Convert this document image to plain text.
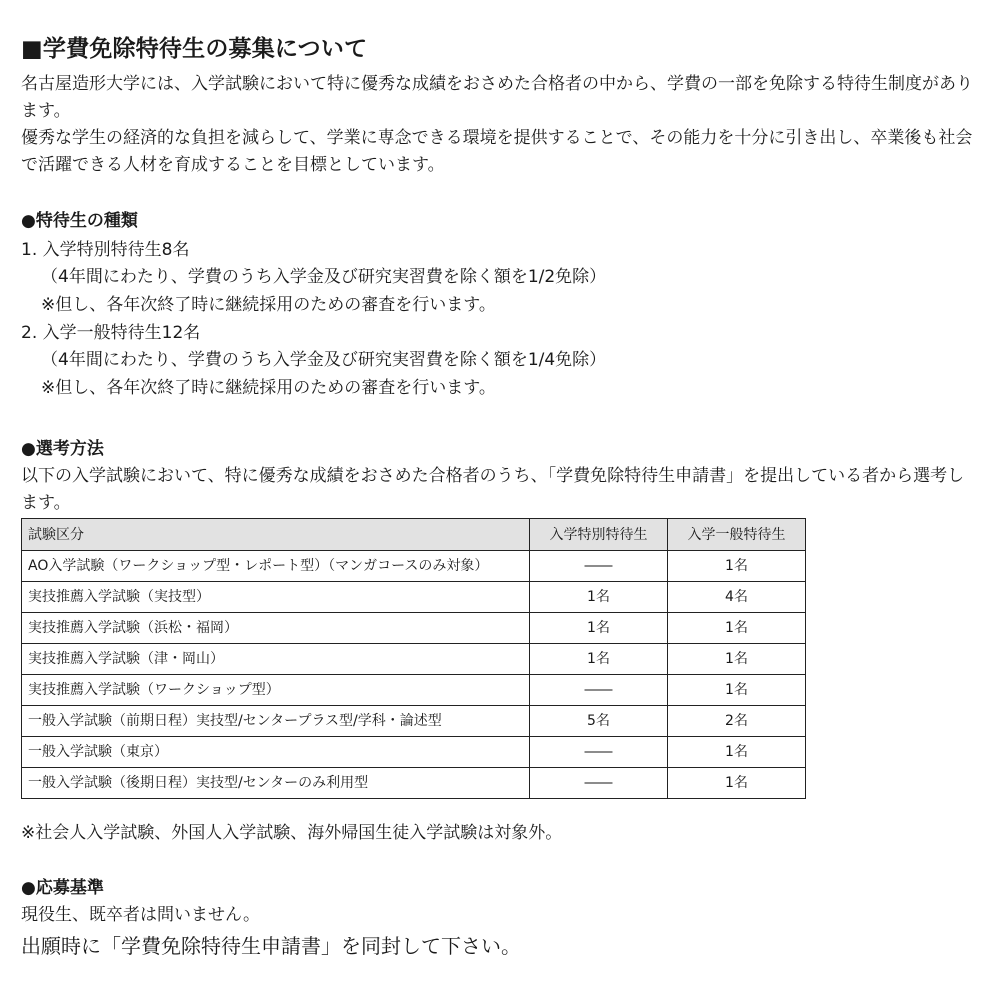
■学費免除特待生の募集について

名古屋造形大学には、入学試験において特に優秀な成績をおさめた合格者の中から、学費の一部を免除する特待生制度があります。

優秀な学生の経済的な負担を減らして、学業に専念できる環境を提供することで、その能力を十分に引き出し、卒業後も社会で活躍できる人材を育成することを目標としています。

●特待生の種類
1. 入学特別特待生8名
（4年間にわたり、学費のうち入学金及び研究実習費を除く額を1/2免除）
※但し、各年次終了時に継続採用のための審査を行います。
2. 入学一般特待生12名
（4年間にわたり、学費のうち入学金及び研究実習費を除く額を1/4免除）
※但し、各年次終了時に継続採用のための審査を行います。
●選考方法

以下の入学試験において、特に優秀な成績をおさめた合格者のうち、「学費免除特待生申請書」を提出している者から選考します。

試験区分	入学特別特待生	入学一般特待生
AO入学試験（ワークショップ型・レポート型）（マンガコースのみ対象）	――	1名
実技推薦入学試験（実技型）	1名	4名
実技推薦入学試験（浜松・福岡）	1名	1名
実技推薦入学試験（津・岡山）	1名	1名
実技推薦入学試験（ワークショップ型）	――	1名
一般入学試験（前期日程）実技型/センタープラス型/学科・論述型	5名	2名
一般入学試験（東京）	――	1名
一般入学試験（後期日程）実技型/センターのみ利用型	――	1名
※社会人入学試験、外国人入学試験、海外帰国生徒入学試験は対象外。
●応募基準
現役生、既卒者は問いません。
出願時に「学費免除特待生申請書」を同封して下さい。
